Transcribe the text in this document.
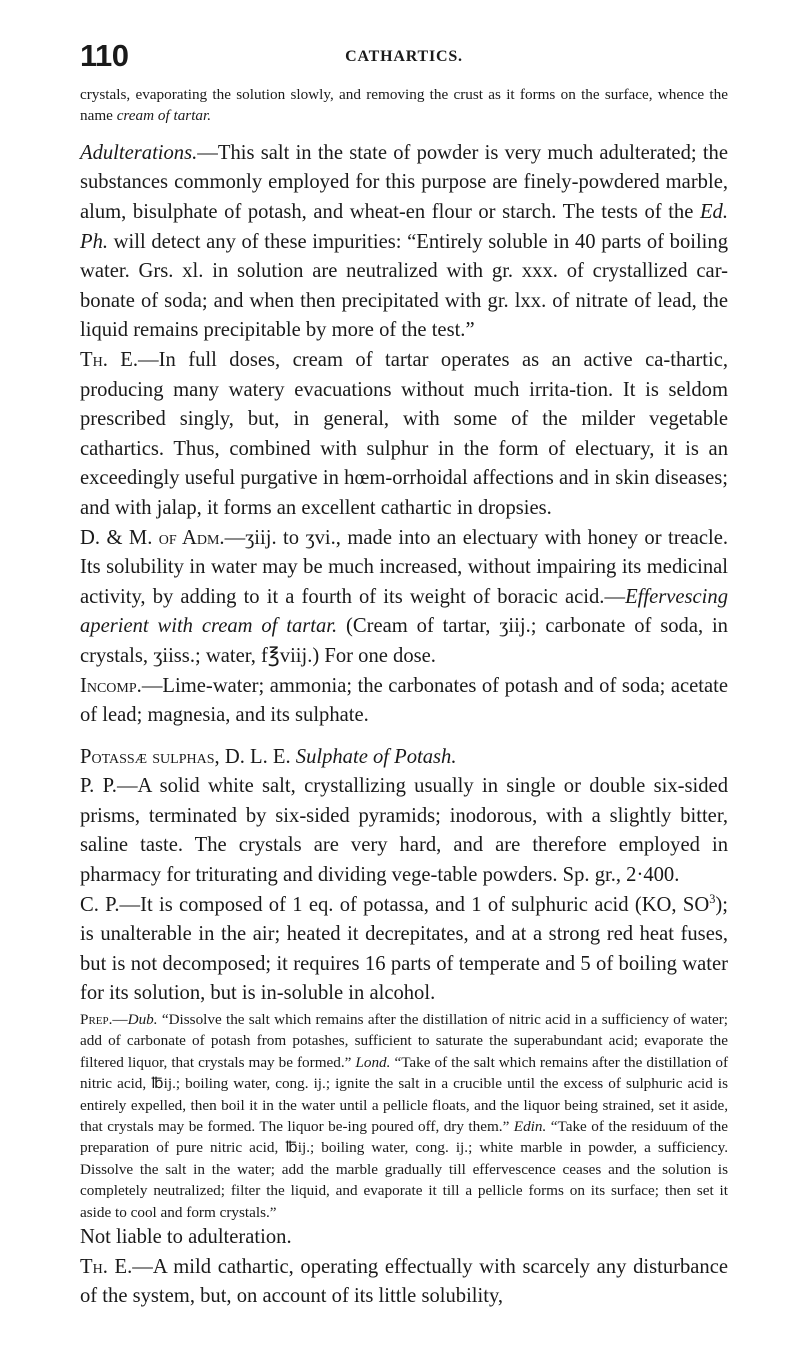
110	CATHARTICS.

crystals, evaporating the solution slowly, and removing the crust as it forms on the surface, whence the name cream of tartar.

Adulterations.—This salt in the state of powder is very much adulterated; the substances commonly employed for this purpose are finely-powdered marble, alum, bisulphate of potash, and wheat-en flour or starch. The tests of the Ed. Ph. will detect any of these impurities: “Entirely soluble in 40 parts of boiling water. Grs. xl. in solution are neutralized with gr. xxx. of crystallized car-bonate of soda; and when then precipitated with gr. lxx. of nitrate of lead, the liquid remains precipitable by more of the test.”

Th. E.—In full doses, cream of tartar operates as an active ca-thartic, producing many watery evacuations without much irrita-tion. It is seldom prescribed singly, but, in general, with some of the milder vegetable cathartics. Thus, combined with sulphur in the form of electuary, it is an exceedingly useful purgative in hœm-orrhoidal affections and in skin diseases; and with jalap, it forms an excellent cathartic in dropsies.

D. & M. of Adm.—ʒiij. to ʒvi., made into an electuary with honey or treacle. Its solubility in water may be much increased, without impairing its medicinal activity, by adding to it a fourth of its weight of boracic acid.—Effervescing aperient with cream of tartar. (Cream of tartar, ʒiij.; carbonate of soda, in crystals, ʒiiss.; water, f℥viij.) For one dose.

Incomp.—Lime-water; ammonia; the carbonates of potash and of soda; acetate of lead; magnesia, and its sulphate.

Potassæ sulphas, D. L. E. Sulphate of Potash.

P. P.—A solid white salt, crystallizing usually in single or double six-sided prisms, terminated by six-sided pyramids; inodorous, with a slightly bitter, saline taste. The crystals are very hard, and are therefore employed in pharmacy for triturating and dividing vege-table powders. Sp. gr., 2·400.

C. P.—It is composed of 1 eq. of potassa, and 1 of sulphuric acid (KO, $SO^3$); is unalterable in the air; heated it decrepitates, and at a strong red heat fuses, but is not decomposed; it requires 16 parts of temperate and 5 of boiling water for its solution, but is in-soluble in alcohol.

Prep.—Dub. “Dissolve the salt which remains after the distillation of nitric acid in a sufficiency of water; add of carbonate of potash from potashes, sufficient to saturate the superabundant acid; evaporate the filtered liquor, that crystals may be formed.” Lond. “Take of the salt which remains after the distillation of nitric acid, ℔ij.; boiling water, cong. ij.; ignite the salt in a crucible until the excess of sulphuric acid is entirely expelled, then boil it in the water until a pellicle floats, and the liquor being strained, set it aside, that crystals may be formed. The liquor be-ing poured off, dry them.” Edin. “Take of the residuum of the preparation of pure nitric acid, ℔ij.; boiling water, cong. ij.; white marble in powder, a sufficiency. Dissolve the salt in the water; add the marble gradually till effervescence ceases and the solution is completely neutralized; filter the liquid, and evaporate it till a pellicle forms on its surface; then set it aside to cool and form crystals.”

Not liable to adulteration.

Th. E.—A mild cathartic, operating effectually with scarcely any disturbance of the system, but, on account of its little solubility,
